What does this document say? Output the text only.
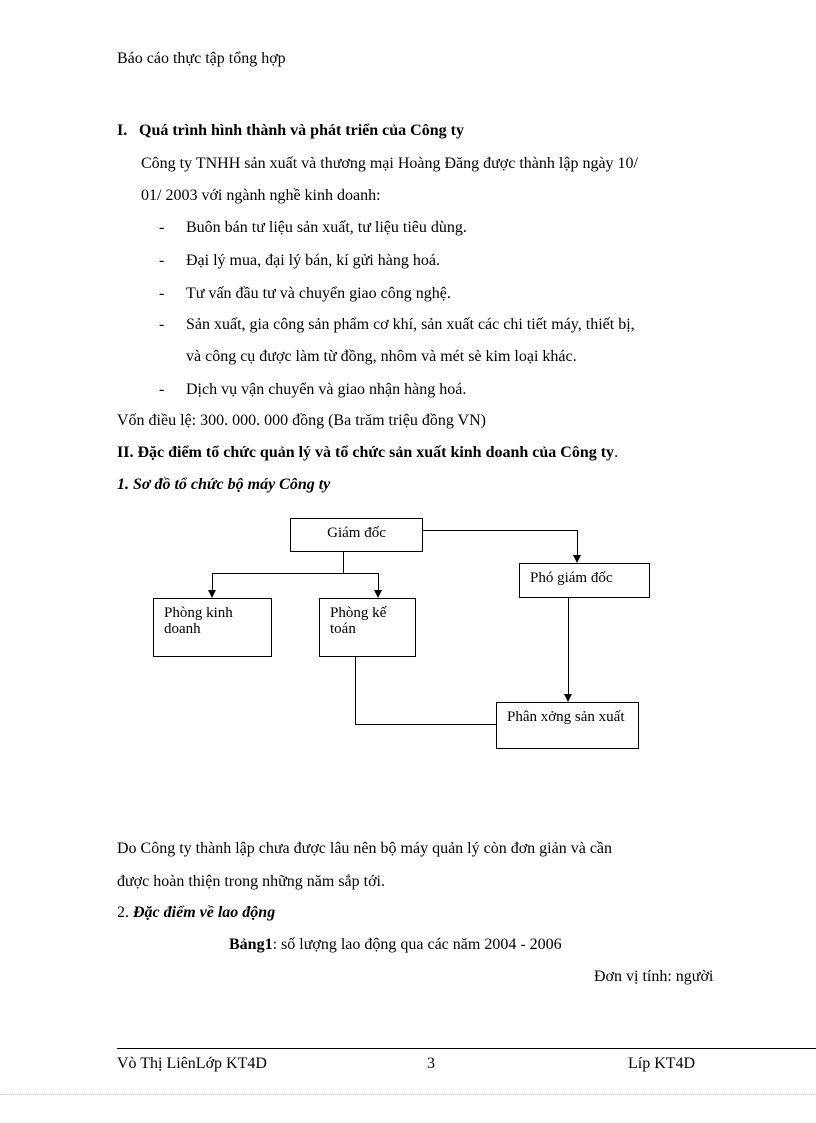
Báo cáo thực tập tổng hợp
I. Quá trình hình thành và phát triển của Công ty
Công ty TNHH sản xuất và thương mại Hoàng Đăng được thành lập ngày 10/
01/ 2003 với ngành nghề kinh doanh:
- Buôn bán tư liệu sản xuất, tư liệu tiêu dùng.
- Đại lý mua, đại lý bán, kí gửi hàng hoá.
- Tư vấn đầu tư và chuyển giao công nghệ.
- Sản xuất, gia công sản phẩm cơ khí, sản xuất các chi tiết máy, thiết bị,
và công cụ được làm từ đồng, nhôm và mét sè kim loại khác.
- Dịch vụ vận chuyển và giao nhận hàng hoá.
Vốn điều lệ: 300. 000. 000 đồng (Ba trăm triệu đồng VN)
II. Đặc điểm tổ chức quản lý và tổ chức sản xuất kinh doanh của Công ty.
1. Sơ đồ tổ chức bộ máy Công ty
Giám đốc
Phó giám đốc
Phòng kinh doanh
Phòng kế toán
Phân xởng sản xuất
Do Công ty thành lập chưa được lâu nên bộ máy quản lý còn đơn giản và cần
được hoàn thiện trong những năm sắp tới.
2. Đặc điểm về lao động
Bảng1: số lượng lao động qua các năm 2004 - 2006
Đơn vị tính: người
Vò Thị LiênLớp KT4D	3	Líp KT4D
